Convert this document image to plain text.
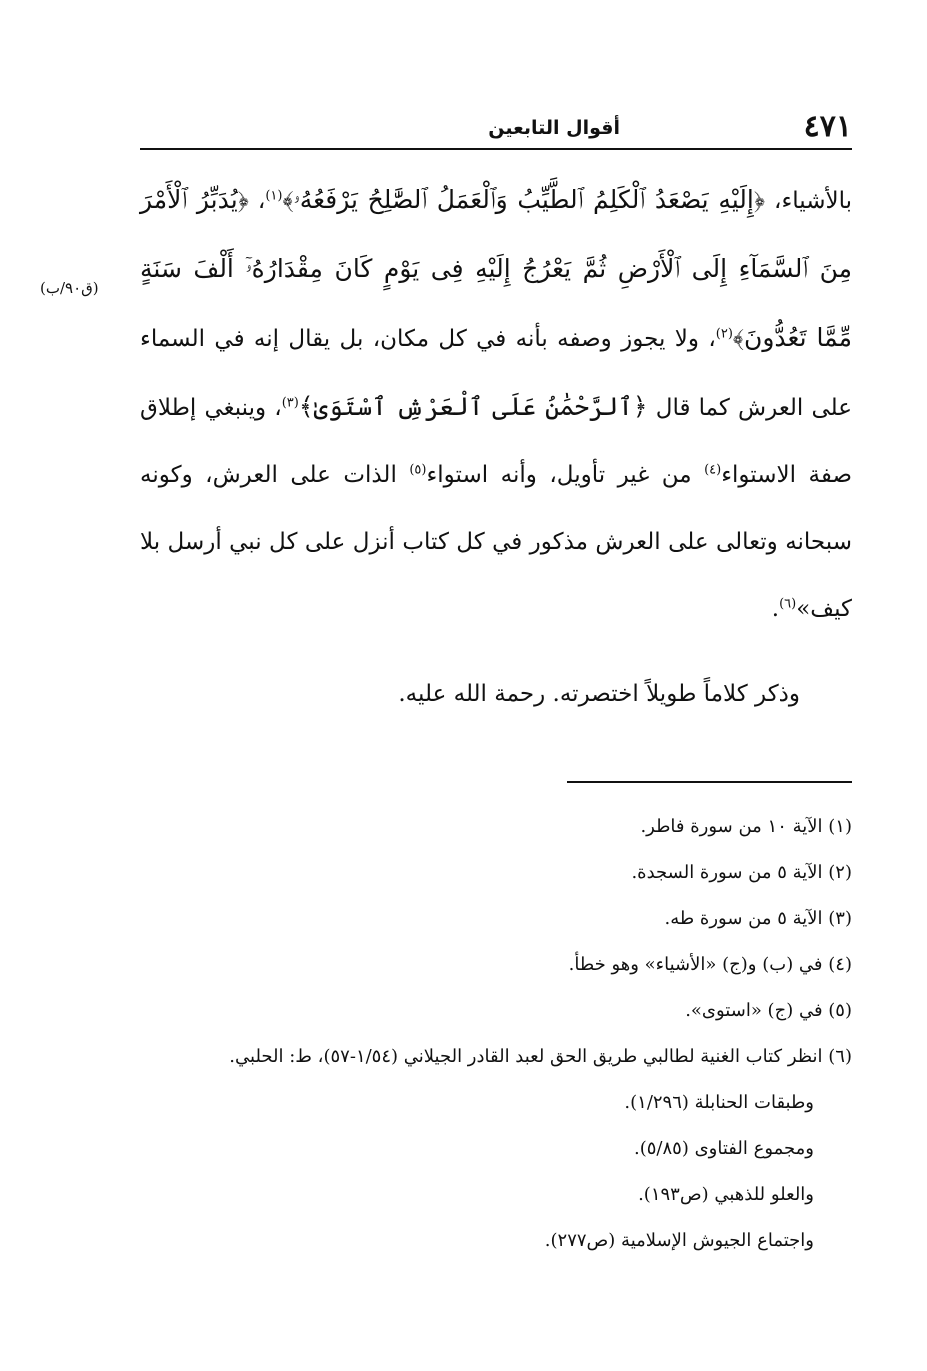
٤٧١
أقوال التابعين
(ق٩٠/ب)

بالأشياء، ﴿إِلَيْهِ يَصْعَدُ ٱلْكَلِمُ ٱلطَّيِّبُ وَٱلْعَمَلُ ٱلصَّٰلِحُ يَرْفَعُهُۥ﴾$^{(١)}$، ﴿يُدَبِّرُ ٱلْأَمْرَ مِنَ ٱلسَّمَآءِ إِلَى ٱلْأَرْضِ ثُمَّ يَعْرُجُ إِلَيْهِ فِى يَوْمٍ كَانَ مِقْدَارُهُۥٓ أَلْفَ سَنَةٍ مِّمَّا تَعُدُّونَ﴾$^{(٢)}$، ولا يجوز وصفه بأنه في كل مكان، بل يقال إنه في السماء على العرش كما قال ﴿ٱلرَّحْمَٰنُ عَلَى ٱلْعَرْشِ ٱسْتَوَىٰ﴾$^{(٣)}$، وينبغي إطلاق صفة الاستواء$^{(٤)}$ من غير تأويل، وأنه استواء$^{(٥)}$ الذات على العرش، وكونه سبحانه وتعالى على العرش مذكور في كل كتاب أنزل على كل نبي أرسل بلا كيف»$^{(٦)}$.

وذكر كلاماً طويلاً اختصرته. رحمة الله عليه.
(١) الآية ١٠ من سورة فاطر.
(٢) الآية ٥ من سورة السجدة.
(٣) الآية ٥ من سورة طه.
(٤) في (ب) و(ج) «الأشياء» وهو خطأ.
(٥) في (ج) «استوى».
(٦) انظر كتاب الغنية لطالبي طريق الحق لعبد القادر الجيلاني (١/٥٤-٥٧)، ط: الحلبي.
وطبقات الحنابلة (١/٢٩٦).
ومجموع الفتاوى (٥/٨٥).
والعلو للذهبي (ص١٩٣).
واجتماع الجيوش الإسلامية (ص٢٧٧).
